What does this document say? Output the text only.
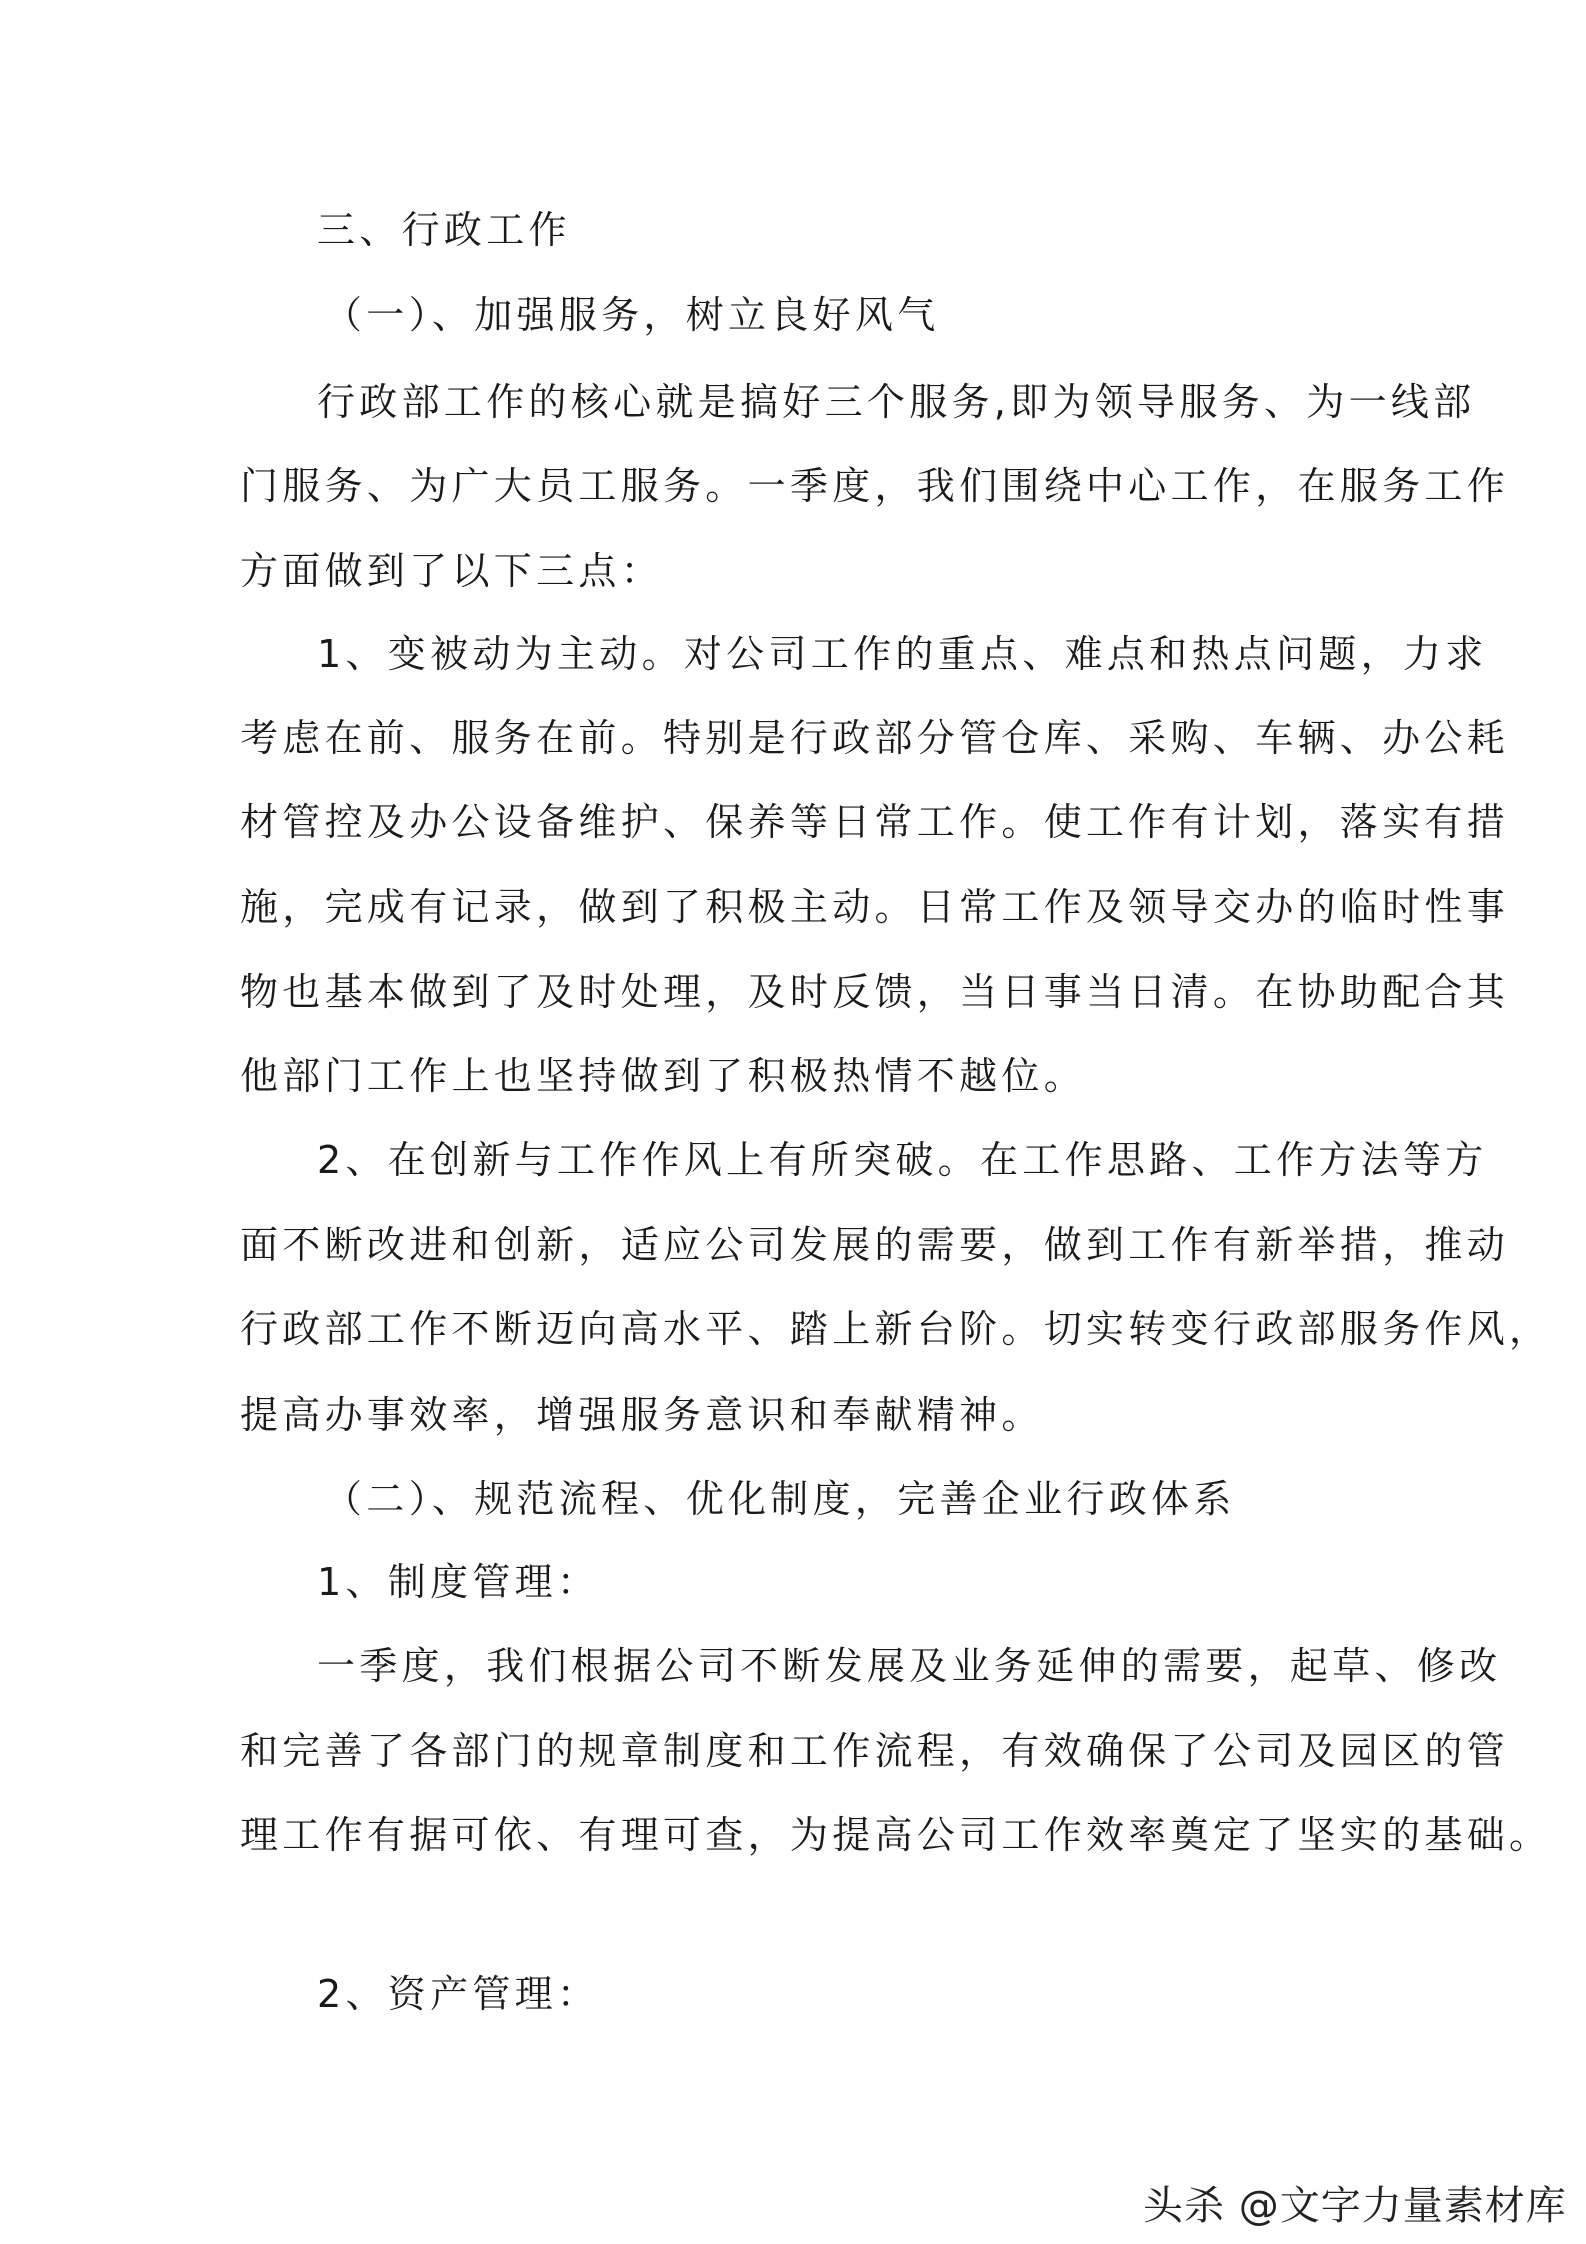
三、行政工作
（一）、加强服务，树立良好风气
行政部工作的核心就是搞好三个服务,即为领导服务、为一线部
门服务、为广大员工服务。一季度，我们围绕中心工作，在服务工作
方面做到了以下三点：
1、变被动为主动。对公司工作的重点、难点和热点问题，力求
考虑在前、服务在前。特别是行政部分管仓库、采购、车辆、办公耗
材管控及办公设备维护、保养等日常工作。使工作有计划，落实有措
施，完成有记录，做到了积极主动。日常工作及领导交办的临时性事
物也基本做到了及时处理，及时反馈，当日事当日清。在协助配合其
他部门工作上也坚持做到了积极热情不越位。
2、在创新与工作作风上有所突破。在工作思路、工作方法等方
面不断改进和创新，适应公司发展的需要，做到工作有新举措，推动
行政部工作不断迈向高水平、踏上新台阶。切实转变行政部服务作风，
提高办事效率，增强服务意识和奉献精神。
（二）、规范流程、优化制度，完善企业行政体系
1、制度管理：
一季度，我们根据公司不断发展及业务延伸的需要，起草、修改
和完善了各部门的规章制度和工作流程，有效确保了公司及园区的管
理工作有据可依、有理可查，为提高公司工作效率奠定了坚实的基础。
2、资产管理：
头杀 @文字力量素材库
